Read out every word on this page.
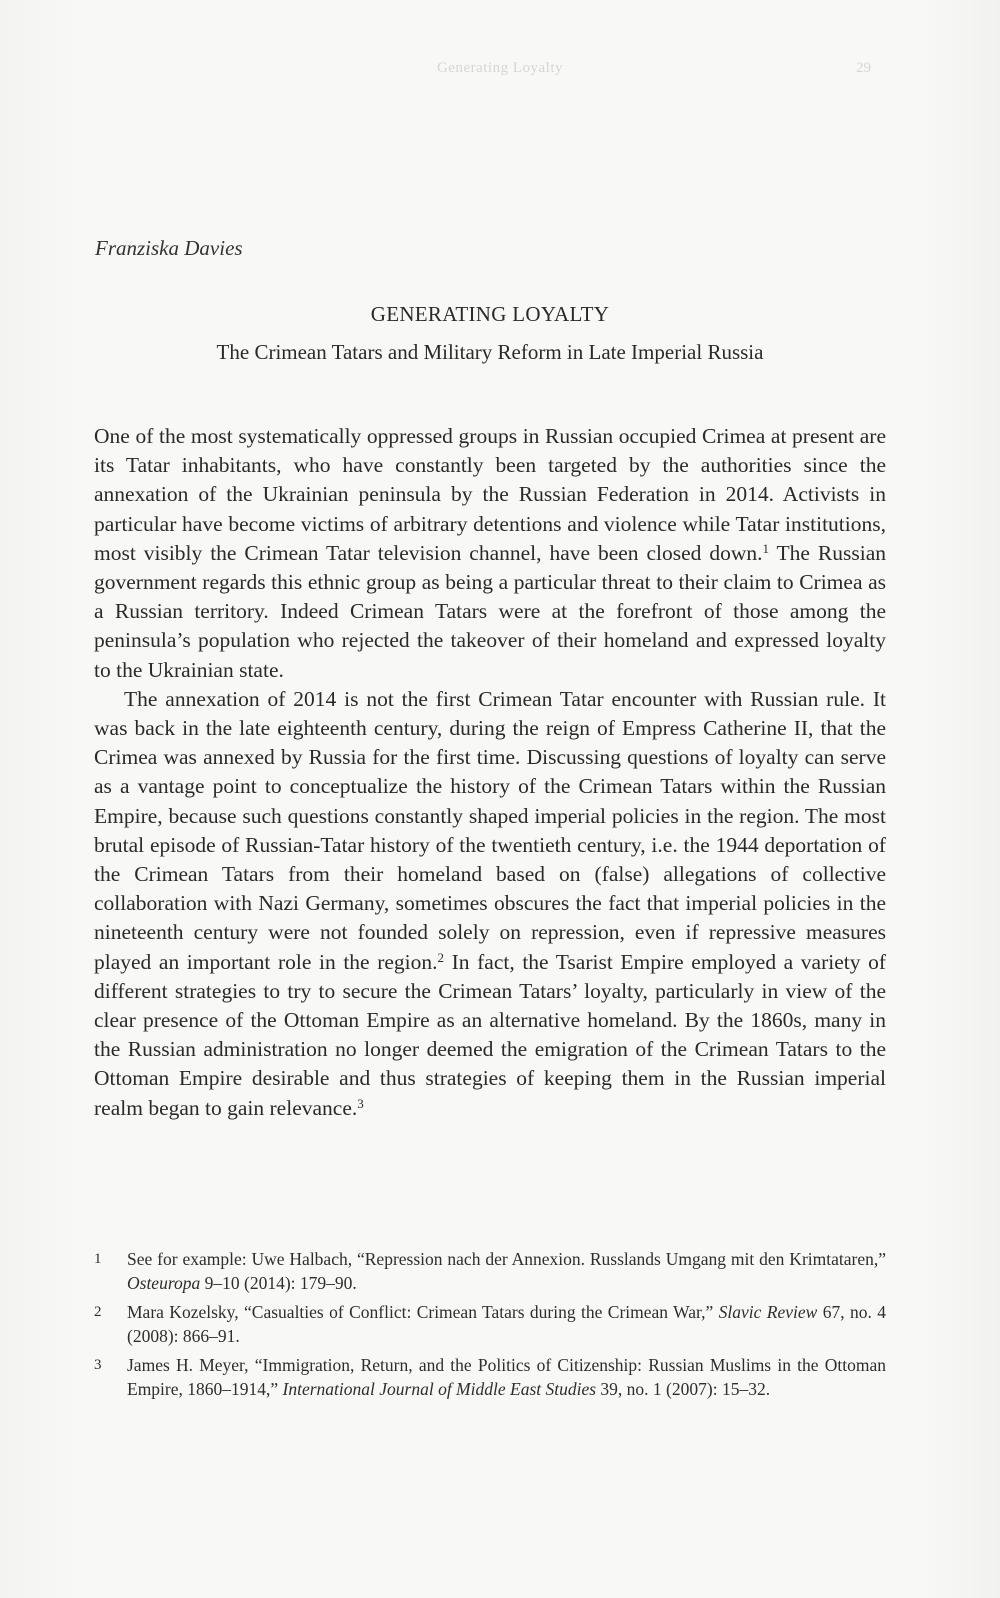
Generating Loyalty	29
Franziska Davies
GENERATING LOYALTY
The Crimean Tatars and Military Reform in Late Imperial Russia

One of the most systematically oppressed groups in Russian occupied Crimea at present are its Tatar inhabitants, who have constantly been targeted by the authorities since the annexation of the Ukrainian peninsula by the Russian Federation in 2014. Activists in particular have become victims of arbitrary detentions and violence while Tatar institutions, most visibly the Crimean Tatar television channel, have been closed down.$^1$ The Russian government regards this ethnic group as being a particular threat to their claim to Crimea as a Russian territory. Indeed Crimean Tatars were at the forefront of those among the peninsula’s population who rejected the takeover of their homeland and expressed loyalty to the Ukrainian state.

The annexation of 2014 is not the first Crimean Tatar encounter with Russian rule. It was back in the late eighteenth century, during the reign of Empress Catherine II, that the Crimea was annexed by Russia for the first time. Discussing questions of loyalty can serve as a vantage point to conceptualize the history of the Crimean Tatars within the Russian Empire, because such questions constantly shaped imperial policies in the region. The most brutal episode of Russian-Tatar history of the twentieth century, i.e. the 1944 deportation of the Crimean Tatars from their homeland based on (false) allegations of collective collaboration with Nazi Germany, sometimes obscures the fact that imperial policies in the nineteenth century were not founded solely on repression, even if repressive measures played an important role in the region.$^2$ In fact, the Tsarist Empire employed a variety of different strategies to try to secure the Crimean Tatars’ loyalty, particularly in view of the clear presence of the Ottoman Empire as an alternative homeland. By the 1860s, many in the Russian administration no longer deemed the emigration of the Crimean Tatars to the Ottoman Empire desirable and thus strategies of keeping them in the Russian imperial realm began to gain relevance.$^3$

1 See for example: Uwe Halbach, “Repression nach der Annexion. Russlands Umgang mit den Krimtataren,” Osteuropa 9–10 (2014): 179–90.
2 Mara Kozelsky, “Casualties of Conflict: Crimean Tatars during the Crimean War,” Slavic Review 67, no. 4 (2008): 866–91.
3 James H. Meyer, “Immigration, Return, and the Politics of Citizenship: Russian Muslims in the Ottoman Empire, 1860–1914,” International Journal of Middle East Studies 39, no. 1 (2007): 15–32.
